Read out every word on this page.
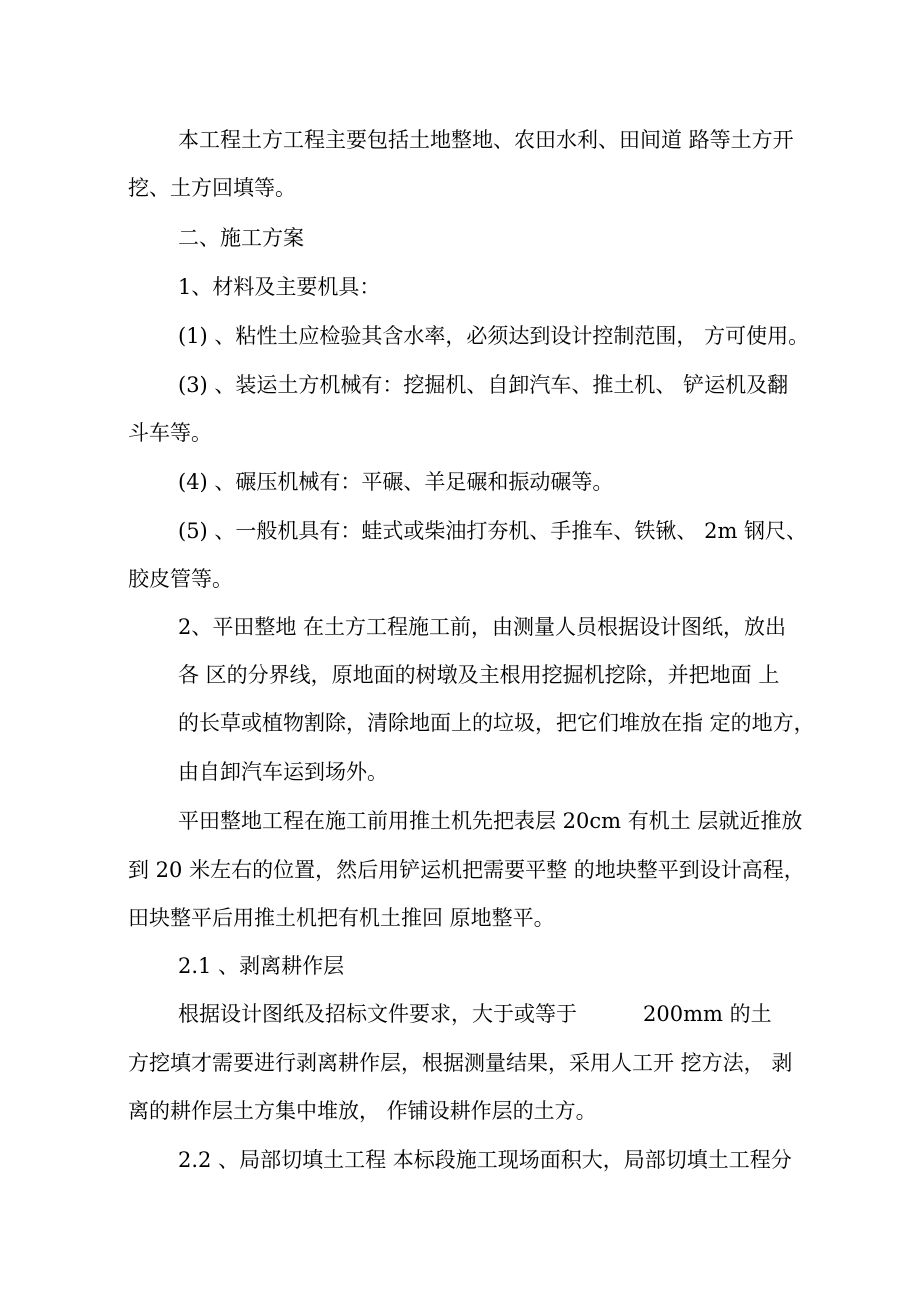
本工程土方工程主要包括土地整地、农田水利、田间道 路等土方开
挖、土方回填等。
二、施工方案
1、材料及主要机具：
(1) 、粘性土应检验其含水率，必须达到设计控制范围， 方可使用。
(3) 、装运土方机械有：挖掘机、自卸汽车、推土机、 铲运机及翻
斗车等。
(4) 、碾压机械有：平碾、羊足碾和振动碾等。
(5) 、一般机具有：蛙式或柴油打夯机、手推车、铁锹、 2m 钢尺、
胶皮管等。
2、平田整地 在土方工程施工前，由测量人员根据设计图纸，放出
各 区的分界线，原地面的树墩及主根用挖掘机挖除，并把地面 上
的长草或植物割除，清除地面上的垃圾，把它们堆放在指 定的地方，
由自卸汽车运到场外。
平田整地工程在施工前用推土机先把表层 20cm 有机土 层就近推放
到 20 米左右的位置，然后用铲运机把需要平整 的地块整平到设计高程，
田块整平后用推土机把有机土推回 原地整平。
2.1 、剥离耕作层
根据设计图纸及招标文件要求，大于或等于	200mm 的土
方挖填才需要进行剥离耕作层，根据测量结果，采用人工开 挖方法， 剥
离的耕作层土方集中堆放， 作铺设耕作层的土方。
2.2 、局部切填土工程 本标段施工现场面积大，局部切填土工程分
